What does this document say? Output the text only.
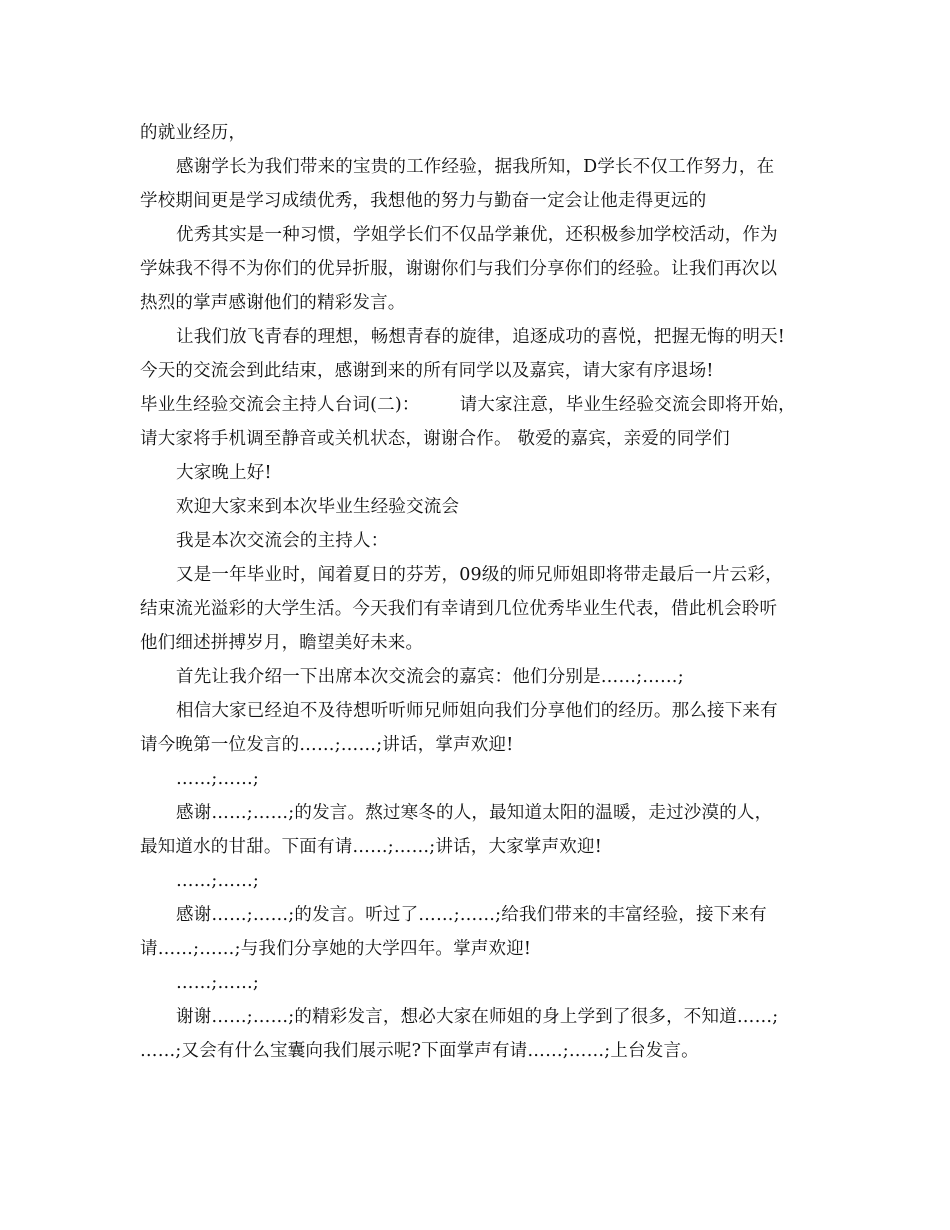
的就业经历，
感谢学长为我们带来的宝贵的工作经验，据我所知，D学长不仅工作努力，在
学校期间更是学习成绩优秀，我想他的努力与勤奋一定会让他走得更远的
优秀其实是一种习惯，学姐学长们不仅品学兼优，还积极参加学校活动，作为
学妹我不得不为你们的优异折服，谢谢你们与我们分享你们的经验。让我们再次以
热烈的掌声感谢他们的精彩发言。
让我们放飞青春的理想，畅想青春的旋律，追逐成功的喜悦，把握无悔的明天!
今天的交流会到此结束，感谢到来的所有同学以及嘉宾，请大家有序退场!
毕业生经验交流会主持人台词(二)： 请大家注意，毕业生经验交流会即将开始，
请大家将手机调至静音或关机状态，谢谢合作。 敬爱的嘉宾，亲爱的同学们
大家晚上好!
欢迎大家来到本次毕业生经验交流会
我是本次交流会的主持人：
又是一年毕业时，闻着夏日的芬芳，09级的师兄师姐即将带走最后一片云彩，
结束流光溢彩的大学生活。今天我们有幸请到几位优秀毕业生代表，借此机会聆听
他们细述拼搏岁月，瞻望美好未来。
首先让我介绍一下出席本次交流会的嘉宾：他们分别是……;……;
相信大家已经迫不及待想听听师兄师姐向我们分享他们的经历。那么接下来有
请今晚第一位发言的……;……;讲话，掌声欢迎!
……;……;
感谢……;……;的发言。熬过寒冬的人，最知道太阳的温暖，走过沙漠的人，
最知道水的甘甜。下面有请……;……;讲话，大家掌声欢迎!
……;……;
感谢……;……;的发言。听过了……;……;给我们带来的丰富经验，接下来有
请……;……;与我们分享她的大学四年。掌声欢迎!
……;……;
谢谢……;……;的精彩发言，想必大家在师姐的身上学到了很多，不知道……;
……;又会有什么宝囊向我们展示呢?下面掌声有请……;……;上台发言。
